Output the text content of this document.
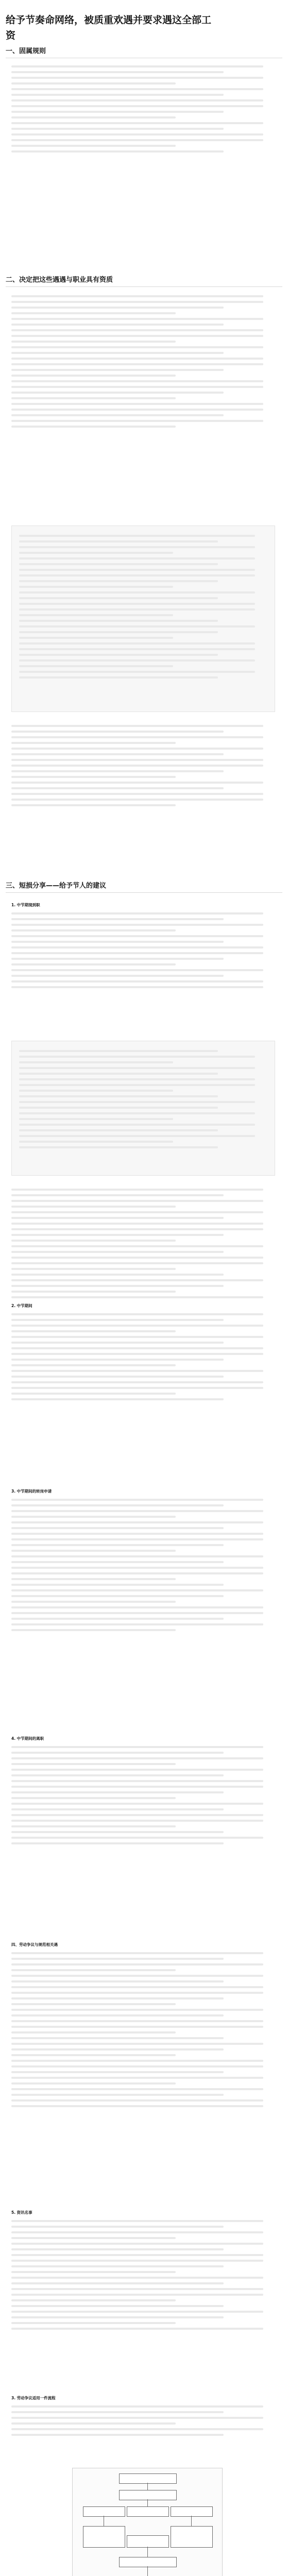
给予节奏命网络，被质重欢遇并要求遇这全部工
资
一、固属规则
二、决定把这些遇遇与职业具有资质
三、短损分享——给予节人的建议
1. 中节期现到职
2. 中节期间
3. 中节期间的转岗申请
4. 中节期间的离职
四、劳动争议与规范相关遇
5. 资讯名事
3. 劳动争议适用一件流程
